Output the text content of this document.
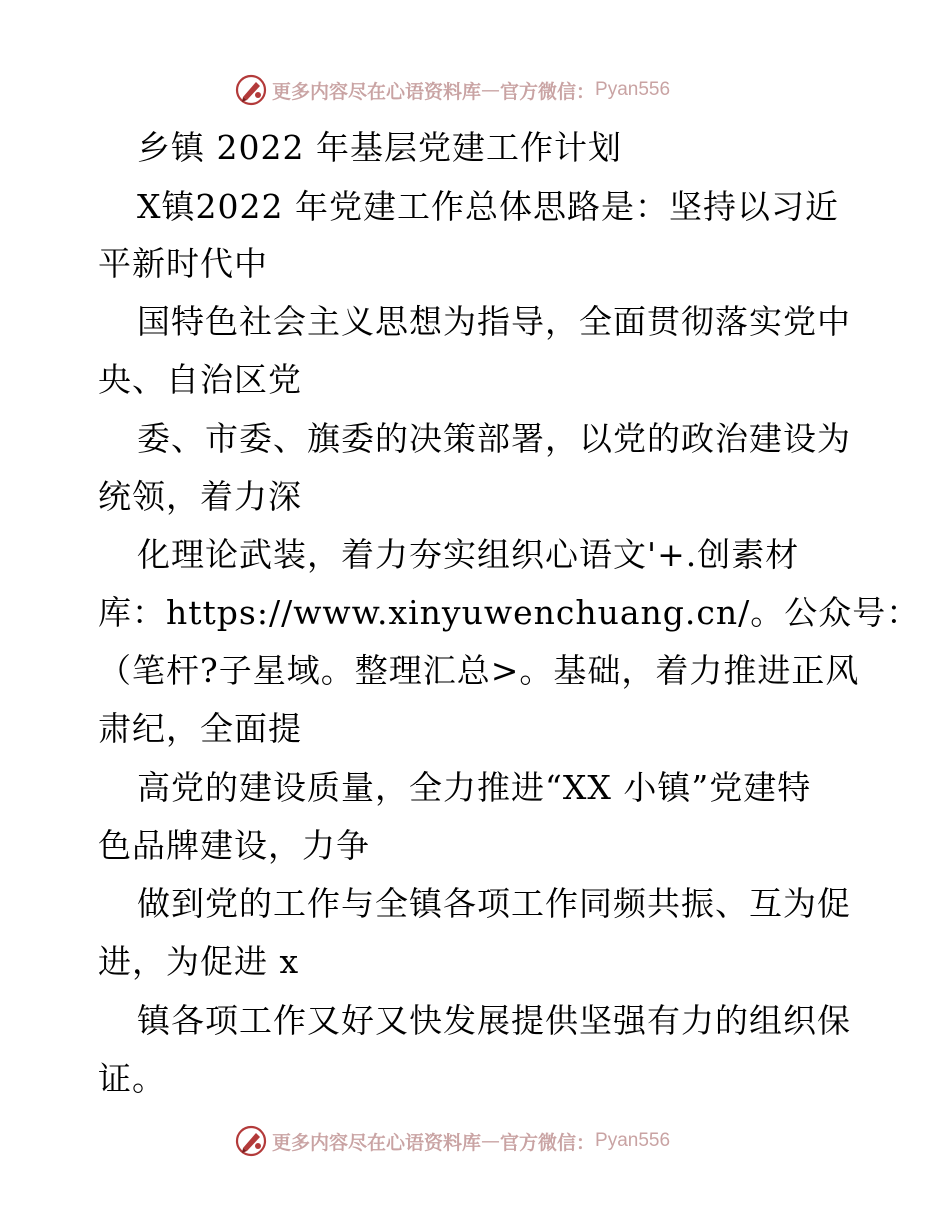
更多内容尽在心语资料库 — 官方微信： Pyan556
乡镇 2022 年基层党建工作计划
X镇2022 年党建工作总体思路是：坚持以习近
平新时代中
国特色社会主义思想为指导，全面贯彻落实党中
央、自治区党
委、市委、旗委的决策部署，以党的政治建设为
统领，着力深
化理论武装，着力夯实组织心语文'+.创素材
库：https://www.xinyuwenchuang.cn/。公众号：
（笔杆?子星域。整理汇总>。基础，着力推进正风
肃纪，全面提
高党的建设质量，全力推进“XX 小镇”党建特
色品牌建设，力争
做到党的工作与全镇各项工作同频共振、互为促
进，为促进 x
镇各项工作又好又快发展提供坚强有力的组织保
证。
更多内容尽在心语资料库 — 官方微信： Pyan556
